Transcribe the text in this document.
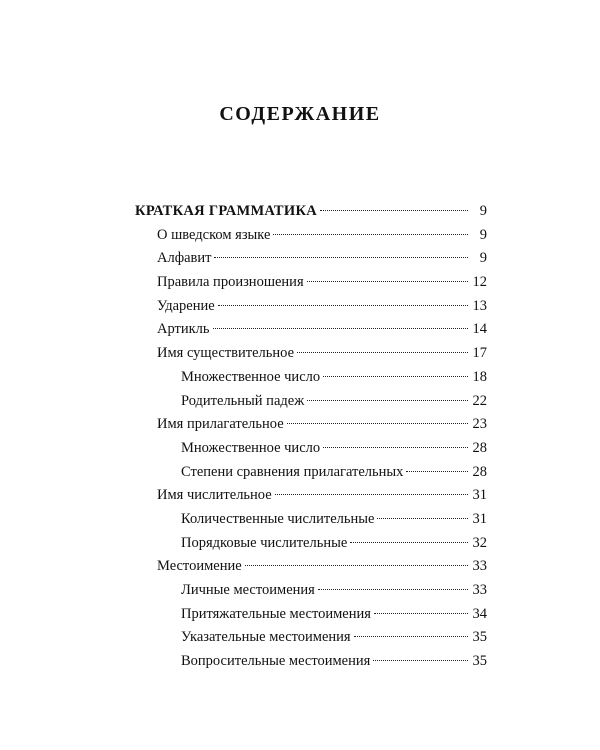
СОДЕРЖАНИЕ
КРАТКАЯ ГРАММАТИКА	9
О шведском языке	9
Алфавит	9
Правила произношения	12
Ударение	13
Артикль	14
Имя существительное	17
Множественное число	18
Родительный падеж	22
Имя прилагательное	23
Множественное число	28
Степени сравнения прилагательных	28
Имя числительное	31
Количественные числительные	31
Порядковые числительные	32
Местоимение	33
Личные местоимения	33
Притяжательные местоимения	34
Указательные местоимения	35
Вопросительные местоимения	35
